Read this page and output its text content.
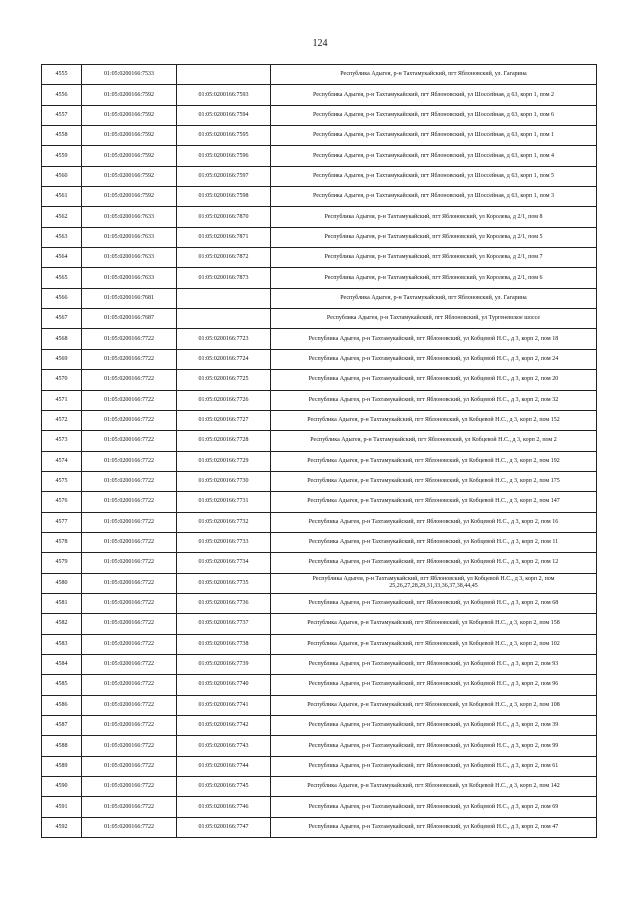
124
4555	01:05:0200166:7533		Республика Адыгея, р-н Тахтамукайский, пгт Яблоновский, ул. Гагарина
4556	01:05:0200166:7592	01:05:0200166:7593	Республика Адыгея, р-н Тахтамукайский, пгт Яблоновский, ул Шоссейная, д 63, корп 1, пом 2
4557	01:05:0200166:7592	01:05:0200166:7594	Республика Адыгея, р-н Тахтамукайский, пгт Яблоновский, ул Шоссейная, д 63, корп 1, пом 6
4558	01:05:0200166:7592	01:05:0200166:7595	Республика Адыгея, р-н Тахтамукайский, пгт Яблоновский, ул Шоссейная, д 63, корп 1, пом 1
4559	01:05:0200166:7592	01:05:0200166:7596	Республика Адыгея, р-н Тахтамукайский, пгт Яблоновский, ул Шоссейная, д 63, корп 1, пом 4
4560	01:05:0200166:7592	01:05:0200166:7597	Республика Адыгея, р-н Тахтамукайский, пгт Яблоновский, ул Шоссейная, д 63, корп 1, пом 5
4561	01:05:0200166:7592	01:05:0200166:7598	Республика Адыгея, р-н Тахтамукайский, пгт Яблоновский, ул Шоссейная, д 63, корп 1, пом 3
4562	01:05:0200166:7633	01:05:0200166:7870	Республика Адыгея, р-н Тахтамукайский, пгт Яблоновский, ул Королева, д 2/1, пом 8
4563	01:05:0200166:7633	01:05:0200166:7871	Республика Адыгея, р-н Тахтамукайский, пгт Яблоновский, ул Королева, д 2/1, пом 5
4564	01:05:0200166:7633	01:05:0200166:7872	Республика Адыгея, р-н Тахтамукайский, пгт Яблоновский, ул Королева, д 2/1, пом 7
4565	01:05:0200166:7633	01:05:0200166:7873	Республика Адыгея, р-н Тахтамукайский, пгт Яблоновский, ул Королева, д 2/1, пом 6
4566	01:05:0200166:7681		Республика Адыгея, р-н Тахтамукайский, пгт Яблоновский, ул. Гагарина
4567	01:05:0200166:7687		Республика Адыгея, р-н Тахтамукайский, пгт Яблоновский, ул Тургеневское шоссе
4568	01:05:0200166:7722	01:05:0200166:7723	Республика Адыгея, р-н Тахтамукайский, пгт Яблоновский, ул Кобцевой Н.С., д 3, корп 2, пом 18
4569	01:05:0200166:7722	01:05:0200166:7724	Республика Адыгея, р-н Тахтамукайский, пгт Яблоновский, ул Кобцевой Н.С., д 3, корп 2, пом 24
4570	01:05:0200166:7722	01:05:0200166:7725	Республика Адыгея, р-н Тахтамукайский, пгт Яблоновский, ул Кобцевой Н.С., д 3, корп 2, пом 20
4571	01:05:0200166:7722	01:05:0200166:7726	Республика Адыгея, р-н Тахтамукайский, пгт Яблоновский, ул Кобцевой Н.С., д 3, корп 2, пом 32
4572	01:05:0200166:7722	01:05:0200166:7727	Республика Адыгея, р-н Тахтамукайский, пгт Яблоновский, ул Кобцевой Н.С., д 3, корп 2, пом 152
4573	01:05:0200166:7722	01:05:0200166:7728	Республика Адыгея, р-н Тахтамукайский, пгт Яблоновский, ул Кобцевой Н.С., д 3, корп 2, пом 2
4574	01:05:0200166:7722	01:05:0200166:7729	Республика Адыгея, р-н Тахтамукайский, пгт Яблоновский, ул Кобцевой Н.С., д 3, корп 2, пом 192
4575	01:05:0200166:7722	01:05:0200166:7730	Республика Адыгея, р-н Тахтамукайский, пгт Яблоновский, ул Кобцевой Н.С., д 3, корп 2, пом 175
4576	01:05:0200166:7722	01:05:0200166:7731	Республика Адыгея, р-н Тахтамукайский, пгт Яблоновский, ул Кобцевой Н.С., д 3, корп 2, пом 147
4577	01:05:0200166:7722	01:05:0200166:7732	Республика Адыгея, р-н Тахтамукайский, пгт Яблоновский, ул Кобцевой Н.С., д 3, корп 2, пом 16
4578	01:05:0200166:7722	01:05:0200166:7733	Республика Адыгея, р-н Тахтамукайский, пгт Яблоновский, ул Кобцевой Н.С., д 3, корп 2, пом 11
4579	01:05:0200166:7722	01:05:0200166:7734	Республика Адыгея, р-н Тахтамукайский, пгт Яблоновский, ул Кобцевой Н.С., д 3, корп 2, пом 12
4580	01:05:0200166:7722	01:05:0200166:7735	Республика Адыгея, р-н Тахтамукайский, пгт Яблоновский, ул Кобцевой Н.С., д 3, корп 2, пом 25,26,27,28,29,31,33,36,37,38,44,45
4581	01:05:0200166:7722	01:05:0200166:7736	Республика Адыгея, р-н Тахтамукайский, пгт Яблоновский, ул Кобцевой Н.С., д 3, корп 2, пом 68
4582	01:05:0200166:7722	01:05:0200166:7737	Республика Адыгея, р-н Тахтамукайский, пгт Яблоновский, ул Кобцевой Н.С., д 3, корп 2, пом 158
4583	01:05:0200166:7722	01:05:0200166:7738	Республика Адыгея, р-н Тахтамукайский, пгт Яблоновский, ул Кобцевой Н.С., д 3, корп 2, пом 102
4584	01:05:0200166:7722	01:05:0200166:7739	Республика Адыгея, р-н Тахтамукайский, пгт Яблоновский, ул Кобцевой Н.С., д 3, корп 2, пом 93
4585	01:05:0200166:7722	01:05:0200166:7740	Республика Адыгея, р-н Тахтамукайский, пгт Яблоновский, ул Кобцевой Н.С., д 3, корп 2, пом 96
4586	01:05:0200166:7722	01:05:0200166:7741	Республика Адыгея, р-н Тахтамукайский, пгт Яблоновский, ул Кобцевой Н.С., д 3, корп 2, пом 108
4587	01:05:0200166:7722	01:05:0200166:7742	Республика Адыгея, р-н Тахтамукайский, пгт Яблоновский, ул Кобцевой Н.С., д 3, корп 2, пом 39
4588	01:05:0200166:7722	01:05:0200166:7743	Республика Адыгея, р-н Тахтамукайский, пгт Яблоновский, ул Кобцевой Н.С., д 3, корп 2, пом 99
4589	01:05:0200166:7722	01:05:0200166:7744	Республика Адыгея, р-н Тахтамукайский, пгт Яблоновский, ул Кобцевой Н.С., д 3, корп 2, пом 61
4590	01:05:0200166:7722	01:05:0200166:7745	Республика Адыгея, р-н Тахтамукайский, пгт Яблоновский, ул Кобцевой Н.С., д 3, корп 2, пом 142
4591	01:05:0200166:7722	01:05:0200166:7746	Республика Адыгея, р-н Тахтамукайский, пгт Яблоновский, ул Кобцевой Н.С., д 3, корп 2, пом 69
4592	01:05:0200166:7722	01:05:0200166:7747	Республика Адыгея, р-н Тахтамукайский, пгт Яблоновский, ул Кобцевой Н.С., д 3, корп 2, пом 47
